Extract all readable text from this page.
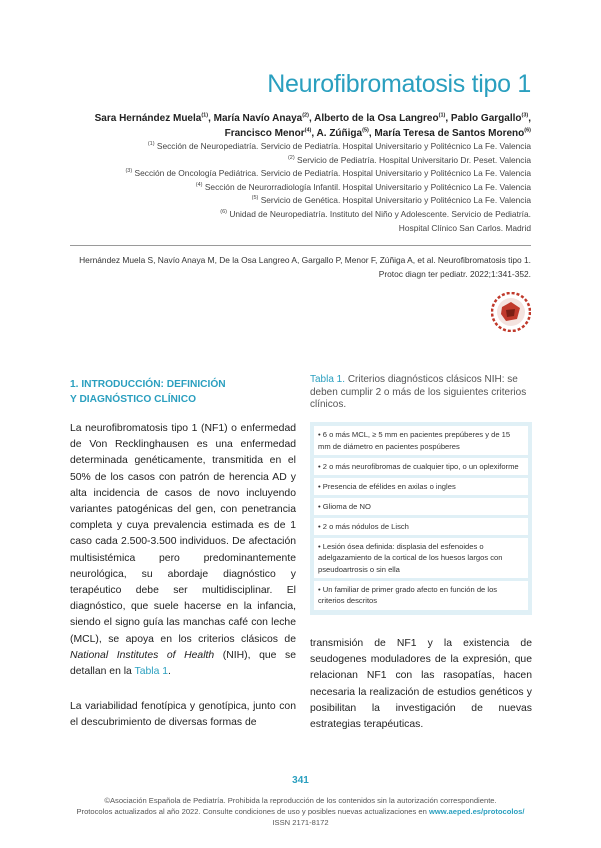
Neurofibromatosis tipo 1
Sara Hernández Muela$^{(1)}$, María Navío Anaya$^{(2)}$, Alberto de la Osa Langreo$^{(1)}$, Pablo Gargallo$^{(3)}$, Francisco Menor$^{(4)}$, A. Zúñiga$^{(5)}$, María Teresa de Santos Moreno$^{(6)}$
$^{(1)}$ Sección de Neuropediatría. Servicio de Pediatría. Hospital Universitario y Politécnico La Fe. Valencia
$^{(2)}$ Servicio de Pediatría. Hospital Universitario Dr. Peset. Valencia
$^{(3)}$ Sección de Oncología Pediátrica. Servicio de Pediatría. Hospital Universitario y Politécnico La Fe. Valencia
$^{(4)}$ Sección de Neurorradiología Infantil. Hospital Universitario y Politécnico La Fe. Valencia
$^{(5)}$ Servicio de Genética. Hospital Universitario y Politécnico La Fe. Valencia
$^{(6)}$ Unidad de Neuropediatría. Instituto del Niño y Adolescente. Servicio de Pediatría.
Hospital Clínico San Carlos. Madrid
Hernández Muela S, Navío Anaya M, De la Osa Langreo A, Gargallo P, Menor F, Zúñiga A, et al. Neurofibromatosis tipo 1.
Protoc diagn ter pediatr. 2022;1:341-352.
1. INTRODUCCIÓN: DEFINICIÓN
Y DIAGNÓSTICO CLÍNICO
La neurofibromatosis tipo 1 (NF1) o enfermedad de Von Recklinghausen es una enfermedad determinada genéticamente, transmitida en el 50% de los casos con patrón de herencia AD y alta incidencia de casos de novo incluyendo variantes patogénicas del gen, con penetrancia completa y cuya prevalencia estimada es de 1 caso cada 2.500-3.500 individuos. De afectación multisistémica pero predominantemente neurológica, su abordaje diagnóstico y terapéutico debe ser multidisciplinar. El diagnóstico, que suele hacerse en la infancia, siendo el signo guía las manchas café con leche (MCL), se apoya en los criterios clásicos de National Institutes of Health (NIH), que se detallan en la Tabla 1.
La variabilidad fenotípica y genotípica, junto con el descubrimiento de diversas formas de
Tabla 1. Criterios diagnósticos clásicos NIH: se deben cumplir 2 o más de los siguientes criterios clínicos.
• 6 o más MCL, ≥ 5 mm en pacientes prepúberes y de 15 mm de diámetro en pacientes pospúberes
• 2 o más neurofibromas de cualquier tipo, o un oplexiforme
• Presencia de efélides en axilas o ingles
• Glioma de NO
• 2 o más nódulos de Lisch
• Lesión ósea definida: displasia del esfenoides o adelgazamiento de la cortical de los huesos largos con pseudoartrosis o sin ella
• Un familiar de primer grado afecto en función de los criterios descritos
transmisión de NF1 y la existencia de seudogenes moduladores de la expresión, que relacionan NF1 con las rasopatías, hacen necesaria la realización de estudios genéticos y posibilitan la investigación de nuevas estrategias terapéuticas.
341
©Asociación Española de Pediatría. Prohibida la reproducción de los contenidos sin la autorización correspondiente.
Protocolos actualizados al año 2022. Consulte condiciones de uso y posibles nuevas actualizaciones en www.aeped.es/protocolos/
ISSN 2171-8172
